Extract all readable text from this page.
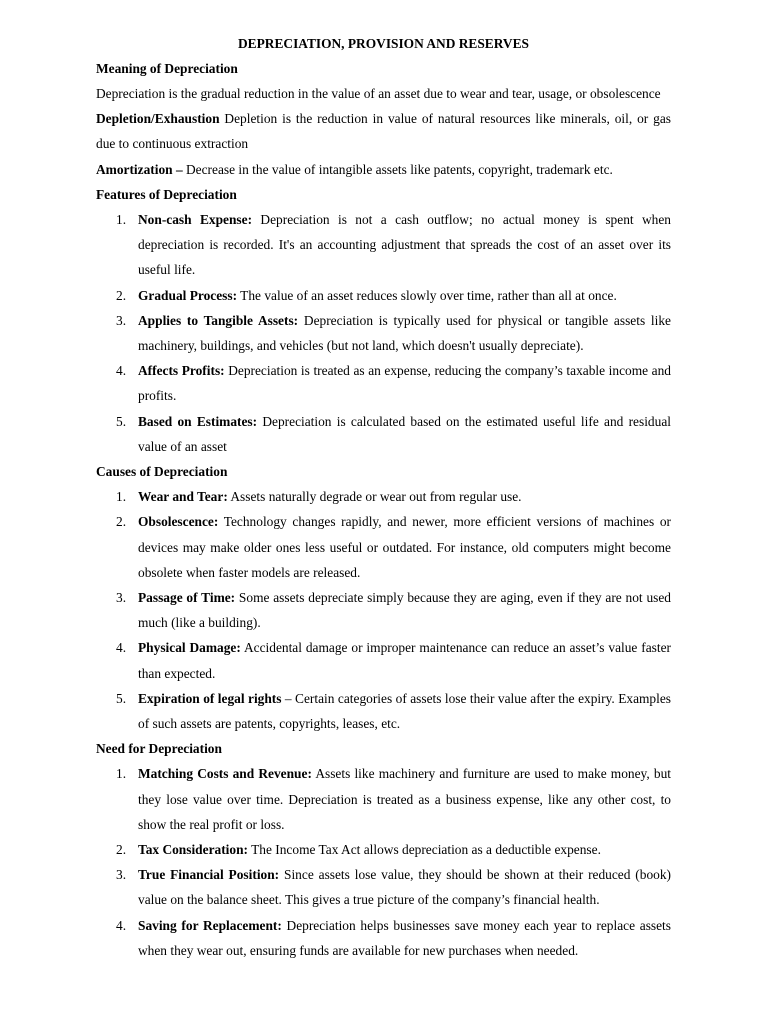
DEPRECIATION, PROVISION AND RESERVES
Meaning of Depreciation

Depreciation is the gradual reduction in the value of an asset due to wear and tear, usage, or obsolescence

Depletion/Exhaustion Depletion is the reduction in value of natural resources like minerals, oil, or gas due to continuous extraction

Amortization – Decrease in the value of intangible assets like patents, copyright, trademark etc.

Features of Depreciation
1. Non-cash Expense: Depreciation is not a cash outflow; no actual money is spent when depreciation is recorded. It's an accounting adjustment that spreads the cost of an asset over its useful life.
2. Gradual Process: The value of an asset reduces slowly over time, rather than all at once.
3. Applies to Tangible Assets: Depreciation is typically used for physical or tangible assets like machinery, buildings, and vehicles (but not land, which doesn't usually depreciate).
4. Affects Profits: Depreciation is treated as an expense, reducing the company’s taxable income and profits.
5. Based on Estimates: Depreciation is calculated based on the estimated useful life and residual value of an asset
Causes of Depreciation
1. Wear and Tear: Assets naturally degrade or wear out from regular use.
2. Obsolescence: Technology changes rapidly, and newer, more efficient versions of machines or devices may make older ones less useful or outdated. For instance, old computers might become obsolete when faster models are released.
3. Passage of Time: Some assets depreciate simply because they are aging, even if they are not used much (like a building).
4. Physical Damage: Accidental damage or improper maintenance can reduce an asset’s value faster than expected.
5. Expiration of legal rights – Certain categories of assets lose their value after the expiry. Examples of such assets are patents, copyrights, leases, etc.
Need for Depreciation
1. Matching Costs and Revenue: Assets like machinery and furniture are used to make money, but they lose value over time. Depreciation is treated as a business expense, like any other cost, to show the real profit or loss.
2. Tax Consideration: The Income Tax Act allows depreciation as a deductible expense.
3. True Financial Position: Since assets lose value, they should be shown at their reduced (book) value on the balance sheet. This gives a true picture of the company’s financial health.
4. Saving for Replacement: Depreciation helps businesses save money each year to replace assets when they wear out, ensuring funds are available for new purchases when needed.
